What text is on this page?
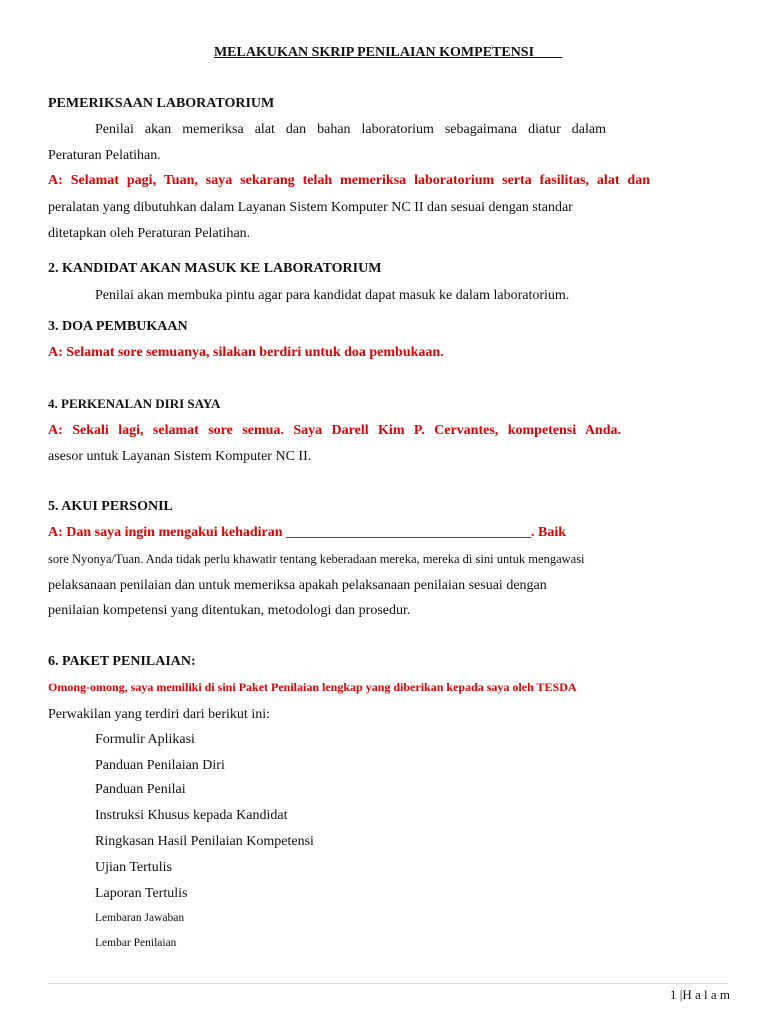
MELAKUKAN SKRIP PENILAIAN KOMPETENSI____
PEMERIKSAAN LABORATORIUM
Penilai akan memeriksa alat dan bahan laboratorium sebagaimana diatur dalam
Peraturan Pelatihan.
A: Selamat pagi, Tuan, saya sekarang telah memeriksa laboratorium serta fasilitas, alat dan
peralatan yang dibutuhkan dalam Layanan Sistem Komputer NC II dan sesuai dengan standar
ditetapkan oleh Peraturan Pelatihan.
2. KANDIDAT AKAN MASUK KE LABORATORIUM
Penilai akan membuka pintu agar para kandidat dapat masuk ke dalam laboratorium.
3. DOA PEMBUKAAN
A: Selamat sore semuanya, silakan berdiri untuk doa pembukaan.
4. PERKENALAN DIRI SAYA
A: Sekali lagi, selamat sore semua. Saya Darell Kim P. Cervantes, kompetensi Anda.
asesor untuk Layanan Sistem Komputer NC II.
5. AKUI PERSONIL
A: Dan saya ingin mengakui kehadiran ___________________________________. Baik
sore Nyonya/Tuan. Anda tidak perlu khawatir tentang keberadaan mereka, mereka di sini untuk mengawasi
pelaksanaan penilaian dan untuk memeriksa apakah pelaksanaan penilaian sesuai dengan
penilaian kompetensi yang ditentukan, metodologi dan prosedur.
6. PAKET PENILAIAN:
Omong-omong, saya memiliki di sini Paket Penilaian lengkap yang diberikan kepada saya oleh TESDA
Perwakilan yang terdiri dari berikut ini:
Formulir Aplikasi
Panduan Penilaian Diri
Panduan Penilai
Instruksi Khusus kepada Kandidat
Ringkasan Hasil Penilaian Kompetensi
Ujian Tertulis
Laporan Tertulis
Lembaran Jawaban
Lembar Penilaian
1 |H a l a m
